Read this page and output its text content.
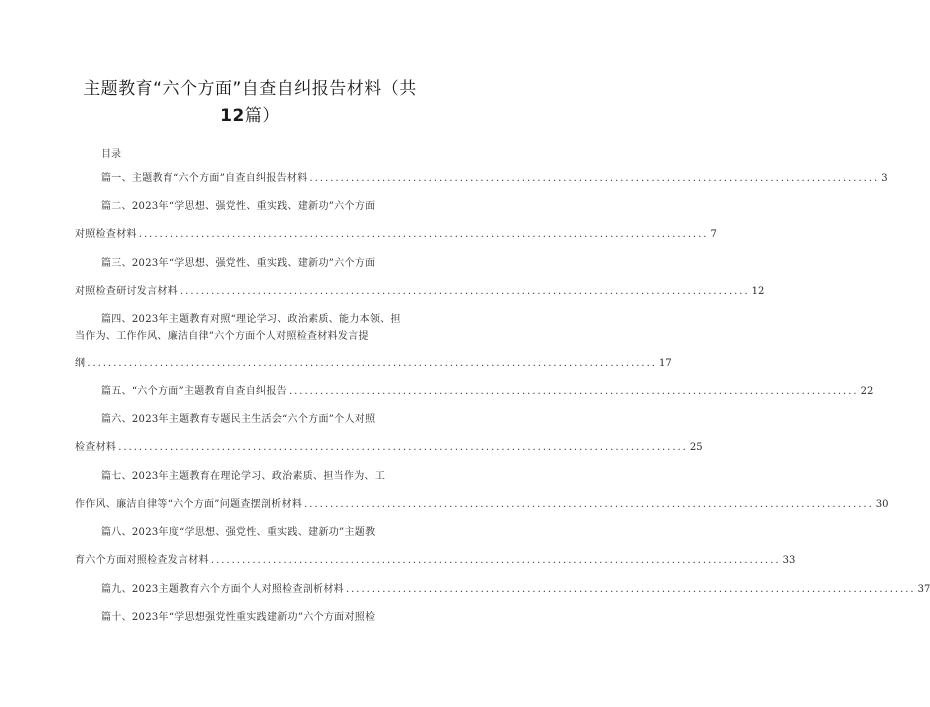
主题教育“六个方面”自查自纠报告材料（共
12篇）
目录
篇一、主题教育“六个方面”自查自纠报告材料 .............................................................................................................. 3
篇二、2023年“学思想、强党性、重实践、建新功”六个方面
对照检查材料 .............................................................................................................. 7
篇三、2023年“学思想、强党性、重实践、建新功”六个方面
对照检查研讨发言材料 .............................................................................................................. 12
篇四、2023年主题教育对照“理论学习、政治素质、能力本领、担
当作为、工作作风、廉洁自律”六个方面个人对照检查材料发言提
纲 .............................................................................................................. 17
篇五、“六个方面”主题教育自查自纠报告 .............................................................................................................. 22
篇六、2023年主题教育专题民主生活会“六个方面”个人对照
检查材料 .............................................................................................................. 25
篇七、2023年主题教育在理论学习、政治素质、担当作为、工
作作风、廉洁自律等“六个方面”问题查摆剖析材料 .............................................................................................................. 30
篇八、2023年度“学思想、强党性、重实践、建新功”主题教
育六个方面对照检查发言材料 .............................................................................................................. 33
篇九、2023主题教育六个方面个人对照检查剖析材料 .............................................................................................................. 37
篇十、2023年“学思想强党性重实践建新功”六个方面对照检
